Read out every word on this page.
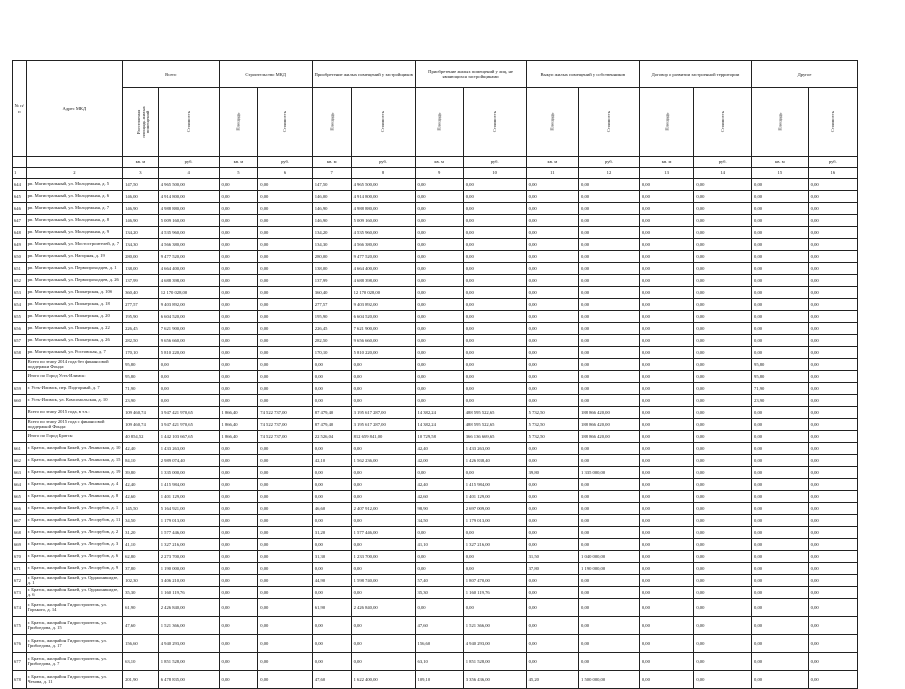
№ п/п	Адрес МКД	Всего		Строительство МКД		Приобретение жилых помещений у застройщиков		Приобретение жилых помещений у лиц, не являющихся застройщиками		Выкуп жилых помещений у собственников		Договор о развитии застроенной территории		Другое	
		Расселяемая площадь жилых помещений	Стоимость	Площадь	Стоимость	Площадь	Стоимость	Площадь	Стоимость	Площадь	Стоимость	Площадь	Стоимость	Площадь	Стоимость
		кв. м	руб.	кв. м	руб.	кв. м	руб.	кв. м	руб.	кв. м	руб.	кв. м	руб.	кв. м	руб.
1	2	3	4	5	6	7	8	9	10	11	12	13	14	15	16
644	рп. Магистральный, ул. Молодежная, д. 5	147,50	4 965 500,00	0,00	0,00	147,50	4 965 500,00	0,00	0,00	0,00	0,00	0,00	0,00	0,00	0,00
645	рп. Магистральный, ул. Молодежная, д. 6	146,00	4 914 800,00	0,00	0,00	146,00	4 914 800,00	0,00	0,00	0,00	0,00	0,00	0,00	0,00	0,00
646	рп. Магистральный, ул. Молодежная, д. 7	146,90	4 988 880,00	0,00	0,00	146,90	4 988 880,00	0,00	0,00	0,00	0,00	0,00	0,00	0,00	0,00
647	рп. Магистральный, ул. Молодежная, д. 8	146,90	5 009 160,00	0,00	0,00	146,90	5 009 160,00	0,00	0,00	0,00	0,00	0,00	0,00	0,00	0,00
648	рп. Магистральный, ул. Молодежная, д. 9	134,20	4 535 960,00	0,00	0,00	134,20	4 535 960,00	0,00	0,00	0,00	0,00	0,00	0,00	0,00	0,00
649	рп. Магистральный, ул. Мостостроителей, д. 7	134,30	4 566 380,00	0,00	0,00	134,30	4 566 380,00	0,00	0,00	0,00	0,00	0,00	0,00	0,00	0,00
650	рп. Магистральный, ул. Нагорная, д. 19	280,00	9 477 520,00	0,00	0,00	280,00	9 477 520,00	0,00	0,00	0,00	0,00	0,00	0,00	0,00	0,00
651	рп. Магистральный, ул. Первопроходцев, д. 1	138,00	4 664 400,00	0,00	0,00	138,00	4 664 400,00	0,00	0,00	0,00	0,00	0,00	0,00	0,00	0,00
652	рп. Магистральный, ул. Первопроходцев, д. 26	137,99	4 688 398,00	0,00	0,00	137,99	4 688 398,00	0,00	0,00	0,00	0,00	0,00	0,00	0,00	0,00
653	рп. Магистральный, ул. Пионерская, д. 10б	360,40	12 170 028,00	0,00	0,00	360,40	12 170 028,00	0,00	0,00	0,00	0,00	0,00	0,00	0,00	0,00
654	рп. Магистральный, ул. Пионерская, д. 18	277,57	9 403 892,00	0,00	0,00	277,57	9 403 892,00	0,00	0,00	0,00	0,00	0,00	0,00	0,00	0,00
655	рп. Магистральный, ул. Пионерская, д. 20	195,90	6 604 520,00	0,00	0,00	195,90	6 604 520,00	0,00	0,00	0,00	0,00	0,00	0,00	0,00	0,00
656	рп. Магистральный, ул. Пионерская, д. 22	226,45	7 621 900,00	0,00	0,00	226,45	7 621 900,00	0,00	0,00	0,00	0,00	0,00	0,00	0,00	0,00
657	рп. Магистральный, ул. Пионерская, д. 26	282,50	9 656 660,00	0,00	0,00	282,50	9 656 660,00	0,00	0,00	0,00	0,00	0,00	0,00	0,00	0,00
658	рп. Магистральный, ул. Ростовская, д. 7	170,10	5 810 220,00	0,00	0,00	170,10	5 810 220,00	0,00	0,00	0,00	0,00	0,00	0,00	0,00	0,00
	Всего по этапу 2014 года без финансовой поддержки Фонда:	95,80	0,00	0,00	0,00	0,00	0,00	0,00	0,00	0,00	0,00	0,00	0,00	95,80	0,00
	Итого по Город Усть-Илимск:	95,80	0,00	0,00	0,00	0,00	0,00	0,00	0,00	0,00	0,00	0,00	0,00	95,80	0,00
659	г. Усть-Илимск, пер. Подгорный, д. 7	71,90	0,00	0,00	0,00	0,00	0,00	0,00	0,00	0,00	0,00	0,00	0,00	71,90	0,00
660	г. Усть-Илимск, ул. Комсомольская, д. 10	23,90	0,00	0,00	0,00	0,00	0,00	0,00	0,00	0,00	0,00	0,00	0,00	23,90	0,00
	Всего по этапу 2015 года, в т.ч.:	109 460,74	3 947 421 970,65	1 866,40	74 522 737,00	87 479,40	3 195 617 287,00	14 382,24	488 595 522,65	5 732,50	188 866 420,00	0,00	0,00	0,00	0,00
	Всего по этапу 2015 года с финансовой поддержкой Фонда:	109 460,74	3 947 421 970,65	1 866,40	74 522 737,00	87 479,40	3 195 617 287,00	14 382,24	488 595 522,65	5 732,50	188 866 420,00	0,00	0,00	0,00	0,00
	Итого по Город Братск:	40 854,52	1 442 103 667,65	1 866,40	74 522 737,00	22 526,04	812 659 841,00	10 729,58	366 136 669,65	5 732,50	188 866 420,00	0,00	0,00	0,00	0,00
661	г. Братск, жилрайон Бикей, ул. Ленинская, д. 10	42,40	1 433 263,00	0,00	0,00	0,00	0,00	42,40	1 433 263,00	0,00	0,00	0,00	0,00	0,00	0,00
662	г. Братск, жилрайон Бикей, ул. Ленинская, д. 15	84,10	2 989 074,40	0,00	0,00	42,10	1 562 236,00	42,00	1 426 838,40	0,00	0,00	0,00	0,00	0,00	0,00
663	г. Братск, жилрайон Бикей, ул. Ленинская, д. 19	39,80	1 335 000,00	0,00	0,00	0,00	0,00	0,00	0,00	39,80	1 335 000,00	0,00	0,00	0,00	0,00
664	г. Братск, жилрайон Бикей, ул. Ленинская, д. 4	42,40	1 415 984,00	0,00	0,00	0,00	0,00	42,40	1 415 984,00	0,00	0,00	0,00	0,00	0,00	0,00
665	г. Братск, жилрайон Бикей, ул. Ленинская, д. 8	42,60	1 401 129,00	0,00	0,00	0,00	0,00	42,60	1 401 129,00	0,00	0,00	0,00	0,00	0,00	0,00
666	г. Братск, жилрайон Бикей, ул. Лесорубов, д. 1	145,50	5 164 921,00	0,00	0,00	46,60	2 407 912,00	98,90	2 697 009,00	0,00	0,00	0,00	0,00	0,00	0,00
667	г. Братск, жилрайон Бикей, ул. Лесорубов, д. 11	34,50	1 179 013,00	0,00	0,00	0,00	0,00	34,50	1 179 013,00	0,00	0,00	0,00	0,00	0,00	0,00
668	г. Братск, жилрайон Бикей, ул. Лесорубов, д. 2	31,20	1 577 446,00	0,00	0,00	31,20	1 577 446,00	0,00	0,00	0,00	0,00	0,00	0,00	0,00	0,00
669	г. Братск, жилрайон Бикей, ул. Лесорубов, д. 3	41,10	1 327 216,00	0,00	0,00	0,00	0,00	41,10	1 327 216,00	0,00	0,00	0,00	0,00	0,00	0,00
670	г. Братск, жилрайон Бикей, ул. Лесорубов, д. 6	62,80	2 273 700,00	0,00	0,00	31,30	1 233 700,00	0,00	0,00	31,50	1 040 000,00	0,00	0,00	0,00	0,00
671	г. Братск, жилрайон Бикей, ул. Лесорубов, д. 9	37,80	1 190 000,00	0,00	0,00	0,00	0,00	0,00	0,00	37,80	1 190 000,00	0,00	0,00	0,00	0,00
672	г. Братск, жилрайон Бикей, ул. Орджоникидзе, д. 1	102,30	3 406 210,00	0,00	0,00	44,90	1 598 740,00	57,40	1 807 470,00	0,00	0,00	0,00	0,00	0,00	0,00
673	г. Братск, жилрайон Бикей, ул. Орджоникидзе, д. 6	35,30	1 160 119,76	0,00	0,00	0,00	0,00	35,30	1 160 119,76	0,00	0,00	0,00	0,00	0,00	0,00
674	г. Братск, жилрайон Гидростроитель, ул. Горького, д. 14	61,90	2 426 840,00	0,00	0,00	61,90	2 426 840,00	0,00	0,00	0,00	0,00	0,00	0,00	0,00	0,00
675	г. Братск, жилрайон Гидростроитель, ул. Грибоедова, д. 15	47,60	1 521 366,00	0,00	0,00	0,00	0,00	47,60	1 521 366,00	0,00	0,00	0,00	0,00	0,00	0,00
676	г. Братск, жилрайон Гидростроитель, ул. Грибоедова, д. 17	156,60	4 940 293,00	0,00	0,00	0,00	0,00	156,60	4 940 293,00	0,00	0,00	0,00	0,00	0,00	0,00
677	г. Братск, жилрайон Гидростроитель, ул. Грибоедова, д. 7	63,10	1 851 528,00	0,00	0,00	0,00	0,00	63,10	1 851 528,00	0,00	0,00	0,00	0,00	0,00	0,00
678	г. Братск, жилрайон Гидростроитель, ул. Чехова, д. 11	201,90	6 478 835,00	0,00	0,00	47,60	1 622 400,00	109,10	3 356 436,00	45,20	1 500 000,00	0,00	0,00	0,00	0,00
